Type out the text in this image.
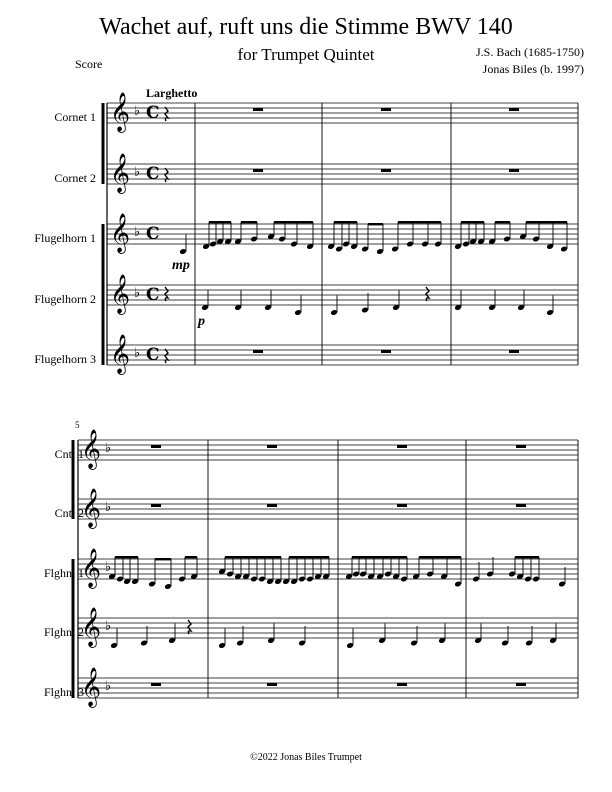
Wachet auf, ruft uns die Stimme BWV 140
for Trumpet Quintet
Score
J.S. Bach (1685-1750)
Jonas Biles (b. 1997)
Larghetto
Cornet 1
Cornet 2
Flugelhorn 1
Flugelhorn 2
Flugelhorn 3
mp
p
5
Cnt. 1
Cnt. 2
Flghn. 1
Flghn. 2
Flghn. 3
©2022 Jonas Biles Trumpet
𝄞 ♭ C
𝄞 ♭ C
𝄞 ♭ C
𝄞 ♭ C
𝄞 ♭ C
𝄞 ♭
𝄞 ♭
𝄞 ♭
𝄞 ♭
𝄞 ♭
